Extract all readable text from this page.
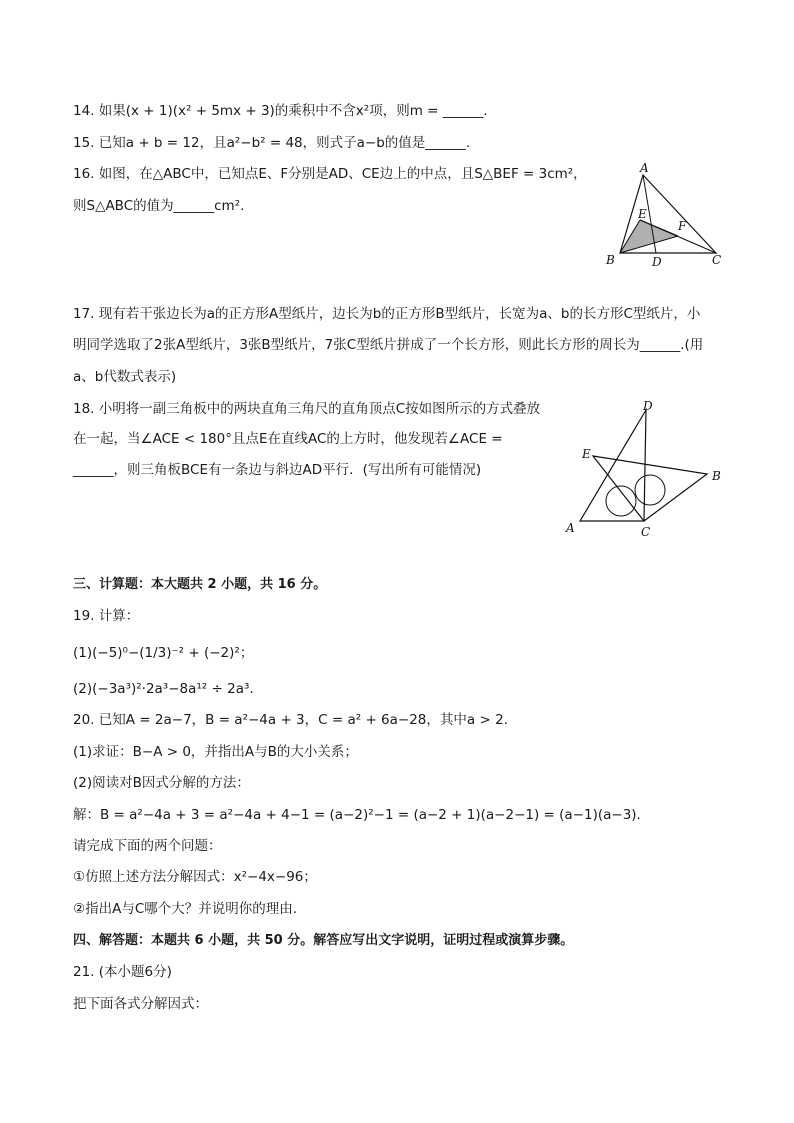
14. 如果(x + 1)(x² + 5mx + 3)的乘积中不含x²项，则m = ______.
15. 已知a + b = 12，且a²−b² = 48，则式子a−b的值是______.
16. 如图，在△ABC中，已知点E、F分别是AD、CE边上的中点，且S△BEF = 3cm²，
则S△ABC的值为______cm².
17. 现有若干张边长为a的正方形A型纸片，边长为b的正方形B型纸片，长宽为a、b的长方形C型纸片，小
明同学选取了2张A型纸片，3张B型纸片，7张C型纸片拼成了一个长方形，则此长方形的周长为______.(用
a、b代数式表示)
18. 小明将一副三角板中的两块直角三角尺的直角顶点C按如图所示的方式叠放
在一起，当∠ACE < 180°且点E在直线AC的上方时，他发现若∠ACE =
______，则三角板BCE有一条边与斜边AD平行．(写出所有可能情况)
三、计算题：本大题共 2 小题，共 16 分。
19. 计算：
(1)(−5)⁰−(1/3)⁻² + (−2)²；
(2)(−3a³)²·2a³−8a¹² ÷ 2a³.
20. 已知A = 2a−7，B = a²−4a + 3，C = a² + 6a−28，其中a > 2.
(1)求证：B−A > 0，并指出A与B的大小关系；
(2)阅读对B因式分解的方法：
解：B = a²−4a + 3 = a²−4a + 4−1 = (a−2)²−1 = (a−2 + 1)(a−2−1) = (a−1)(a−3).
请完成下面的两个问题：
①仿照上述方法分解因式：x²−4x−96；
②指出A与C哪个大？并说明你的理由.
四、解答题：本题共 6 小题，共 50 分。解答应写出文字说明，证明过程或演算步骤。
21. (本小题6分)
把下面各式分解因式：
A
B	C
D
E
F
D
E
B
A	C
